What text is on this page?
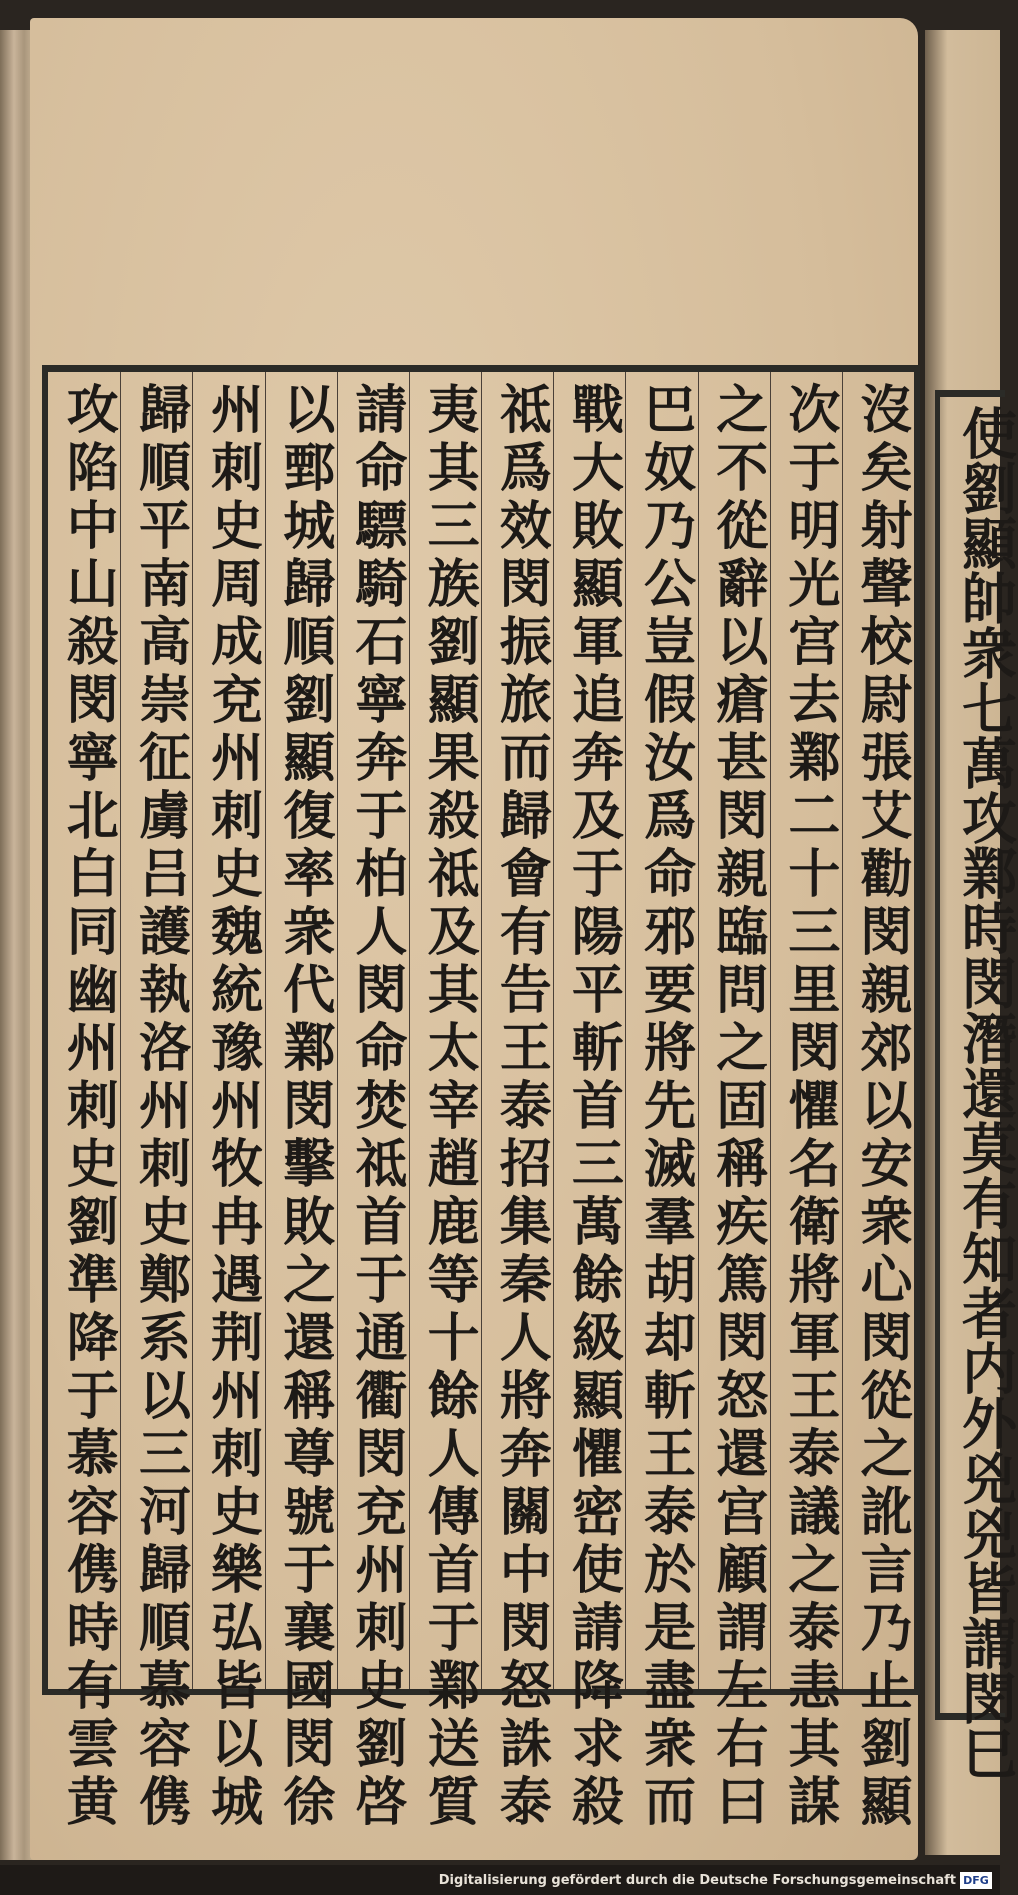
沒矣射聲校尉張艾勸閔親郊以安衆心閔從之訛言乃止劉顯
次于明光宫去鄴二十三里閔懼名衛將軍王泰議之泰恚其謀
之不從辭以瘡甚閔親臨問之固稱疾篤閔怒還宫顧謂左右曰
巴奴乃公豈假汝爲命邪要將先滅羣胡却斬王泰於是盡衆而
戰大敗顯軍追奔及于陽平斬首三萬餘級顯懼密使請降求殺
祗爲效閔振旅而歸會有告王泰招集秦人將奔關中閔怒誅泰
夷其三族劉顯果殺祗及其太宰趙鹿等十餘人傳首于鄴送質
請命驃騎石寧奔于柏人閔命焚祗首于通衢閔兗州刺史劉啓
以鄄城歸順劉顯復率衆代鄴閔擊敗之還稱尊號于襄國閔徐
州刺史周成兗州刺史魏統豫州牧冉遇荆州刺史樂弘皆以城
歸順平南高崇征虜吕護執洛州刺史鄭系以三河歸順慕容㑺
攻陷中山殺閔寧北白同幽州刺史劉準降于慕容㑺時有雲黄	使劉顯帥衆七萬攻鄴時閔潛還莫有知者内外兇兇皆謂閔巳
Digitalisierung gefördert durch die Deutsche Forschungsgemeinschaft DFG
